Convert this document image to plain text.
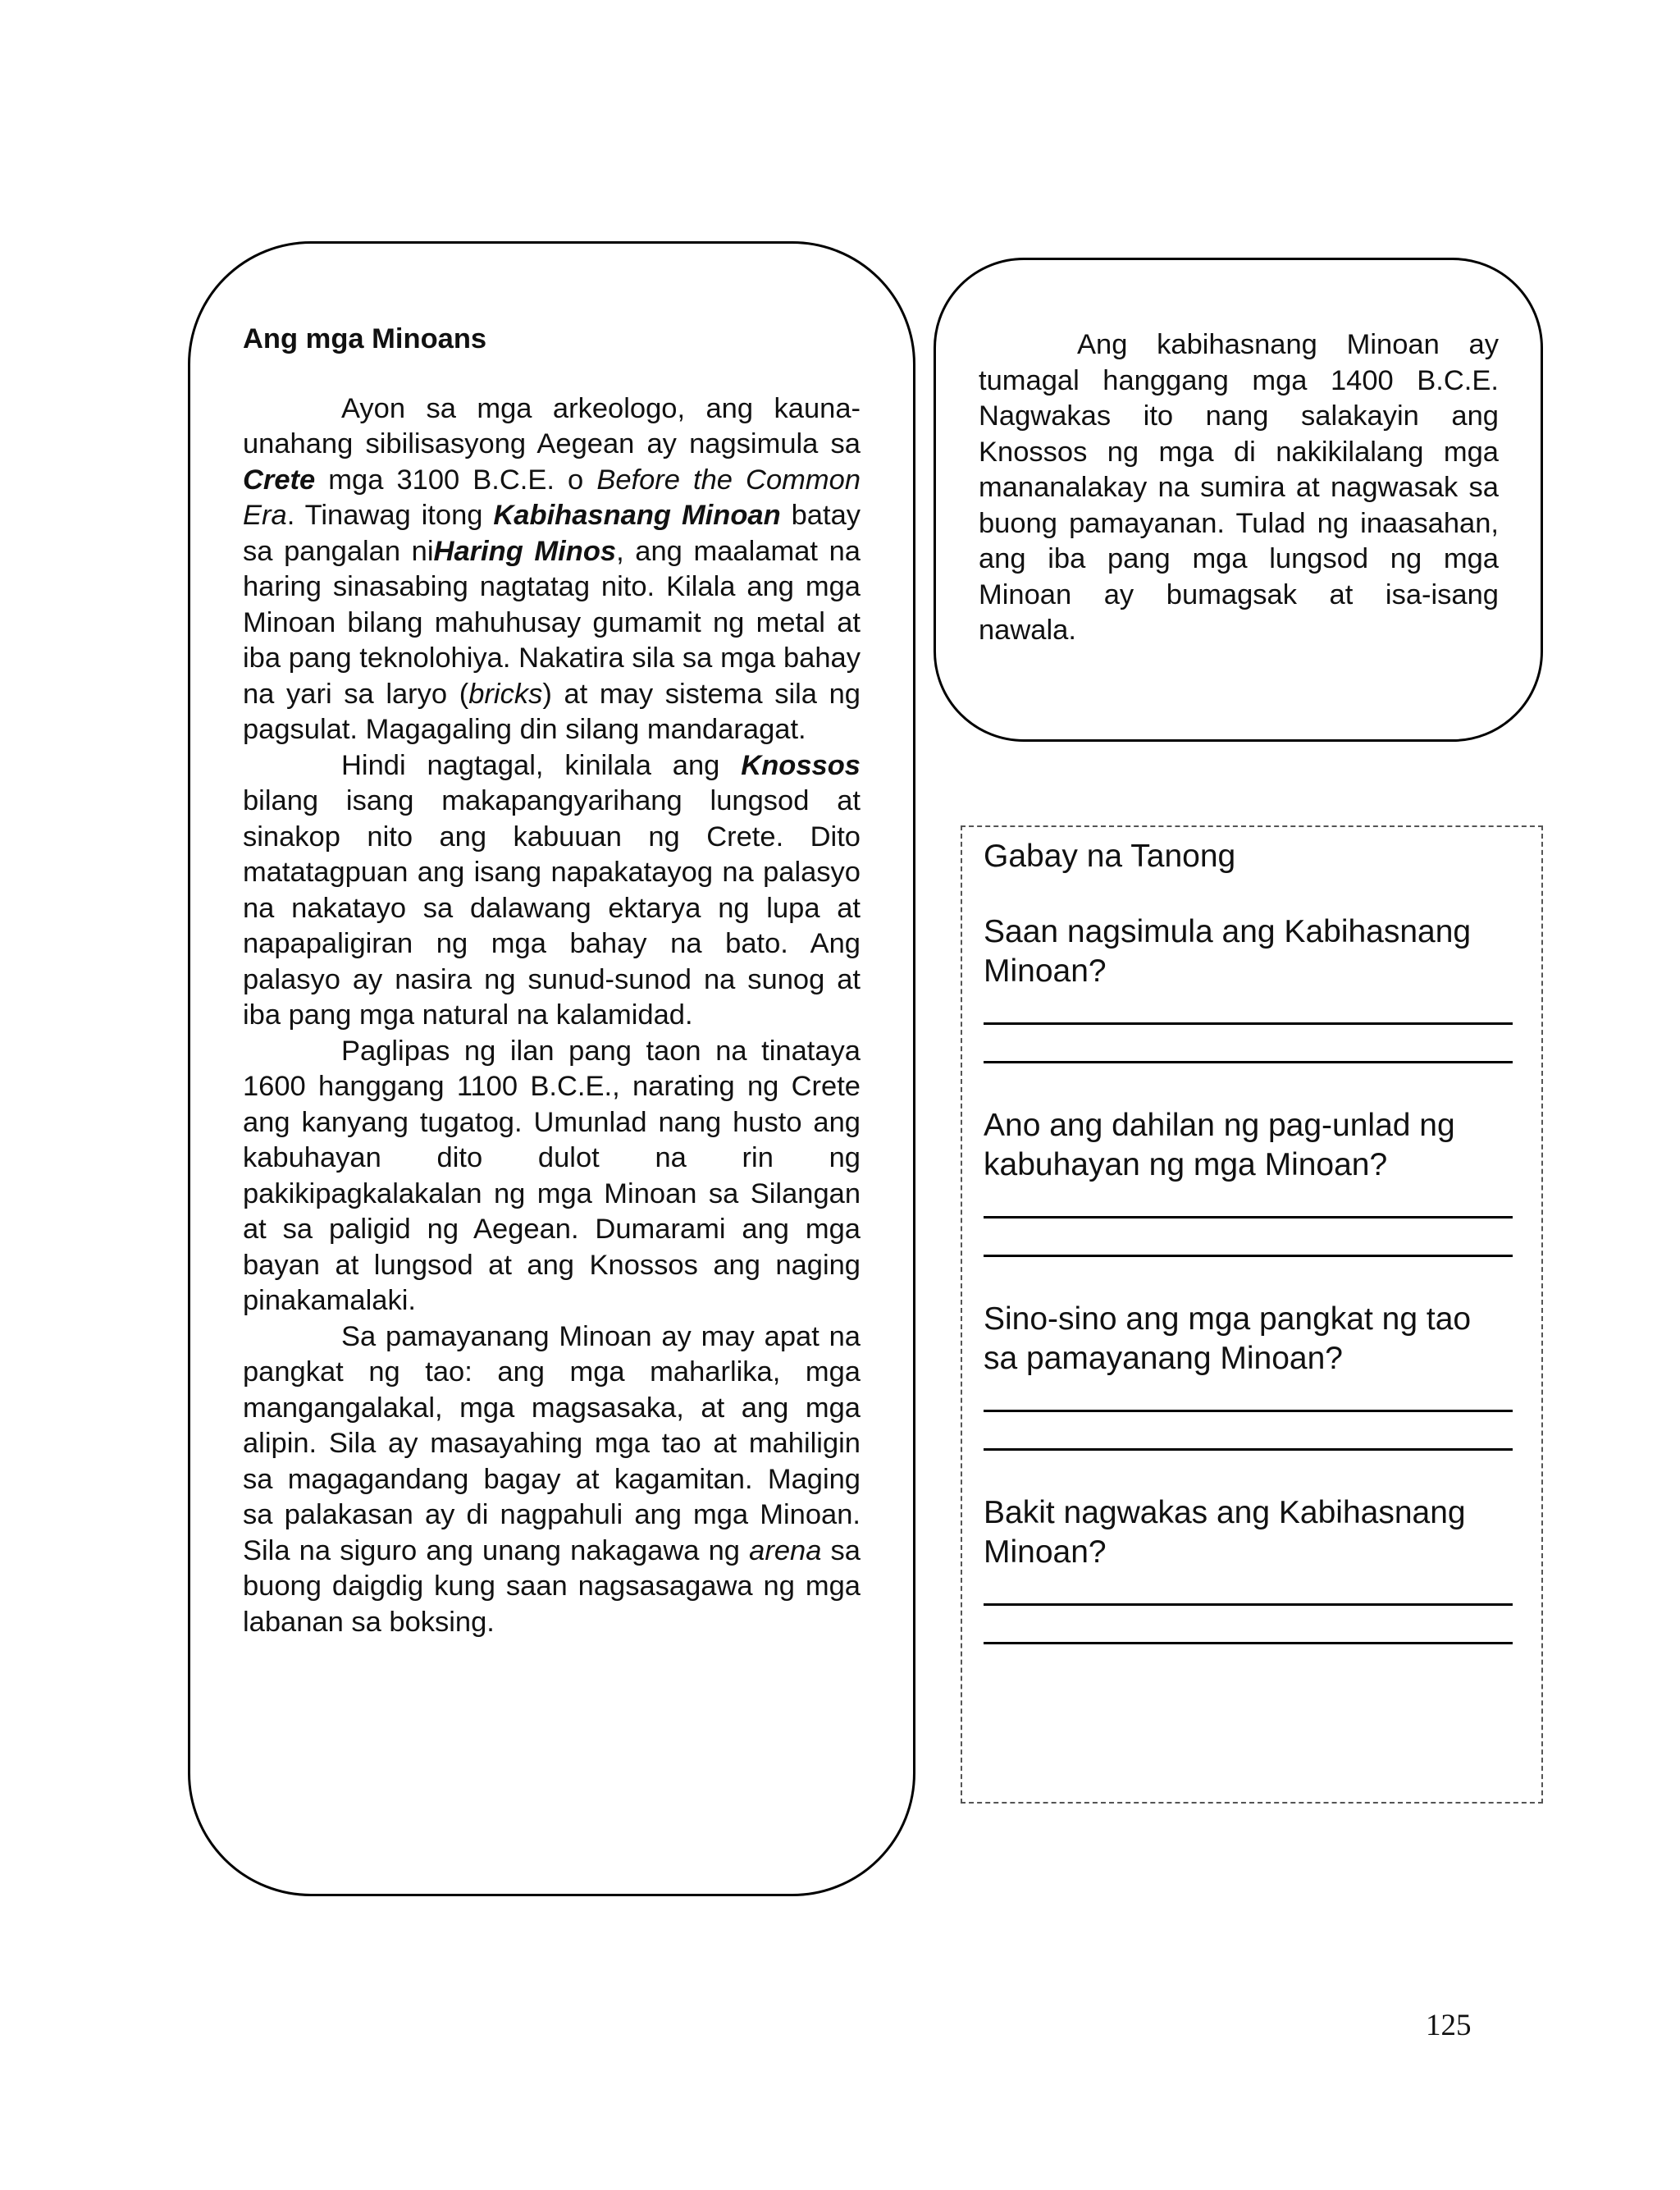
Ang mga Minoans

Ayon sa mga arkeologo, ang kauna-unahang sibilisasyong Aegean ay nagsimula sa Crete mga 3100 B.C.E. o Before the Common Era. Tinawag itong Kabihasnang Minoan batay sa pangalan niHaring Minos, ang maalamat na haring sinasabing nagtatag nito. Kilala ang mga Minoan bilang mahuhusay gumamit ng metal at iba pang teknolohiya. Nakatira sila sa mga bahay na yari sa laryo (bricks) at may sistema sila ng pagsulat. Magagaling din silang mandaragat.

Hindi nagtagal, kinilala ang Knossos bilang isang makapangyarihang lungsod at sinakop nito ang kabuuan ng Crete. Dito matatagpuan ang isang napakatayog na palasyo na nakatayo sa dalawang ektarya ng lupa at napapaligiran ng mga bahay na bato. Ang palasyo ay nasira ng sunud-sunod na sunog at iba pang mga natural na kalamidad.

Paglipas ng ilan pang taon na tinataya 1600 hanggang 1100 B.C.E., narating ng Crete ang kanyang tugatog. Umunlad nang husto ang kabuhayan dito dulot na rin ng pakikipagkalakalan ng mga Minoan sa Silangan at sa paligid ng Aegean. Dumarami ang mga bayan at lungsod at ang Knossos ang naging pinakamalaki.

Sa pamayanang Minoan ay may apat na pangkat ng tao: ang mga maharlika, mga mangangalakal, mga magsasaka, at ang mga alipin. Sila ay masayahing mga tao at mahiligin sa magagandang bagay at kagamitan. Maging sa palakasan ay di nagpahuli ang mga Minoan. Sila na siguro ang unang nakagawa ng arena sa buong daigdig kung saan nagsasagawa ng mga labanan sa boksing.

Ang kabihasnang Minoan ay tumagal hanggang mga 1400 B.C.E. Nagwakas ito nang salakayin ang Knossos ng mga di nakikilalang mga mananalakay na sumira at nagwasak sa buong pamayanan. Tulad ng inaasahan, ang iba pang mga lungsod ng mga Minoan ay bumagsak at isa-isang nawala.

Gabay na Tanong

Saan nagsimula ang Kabihasnang Minoan?

Ano ang dahilan ng pag-unlad ng kabuhayan ng mga Minoan?

Sino-sino ang mga pangkat ng tao sa pamayanang Minoan?

Bakit nagwakas ang Kabihasnang Minoan?

125
